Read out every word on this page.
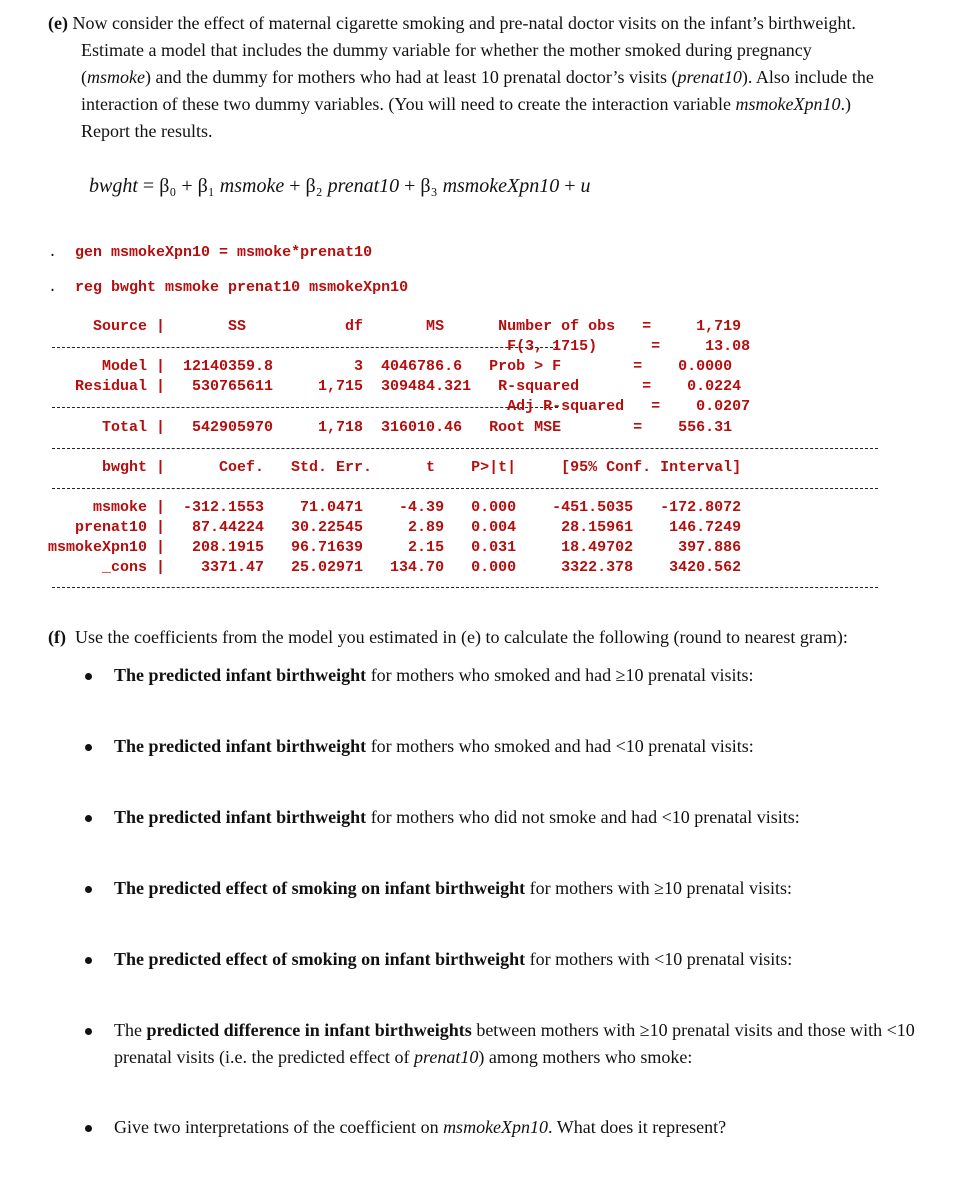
(e) Now consider the effect of maternal cigarette smoking and pre-natal doctor visits on the infant’s birthweight.
Estimate a model that includes the dummy variable for whether the mother smoked during pregnancy
(msmoke) and the dummy for mothers who had at least 10 prenatal doctor’s visits (prenat10). Also include the
interaction of these two dummy variables. (You will need to create the interaction variable msmokeXpn10.)
Report the results.
bwght = β₀ + β₁ msmoke + β₂ prenat10 + β₃ msmokeXpn10 + u
. gen msmokeXpn10 = msmoke*prenat10
. reg bwght msmoke prenat10 msmokeXpn10
Source |       SS           df       MS      Number of obs   =     1,719
F(3, 1715)      =     13.08
Model |  12140359.8         3  4046786.6   Prob > F        =    0.0000
Residual |   530765611     1,715  309484.321   R-squared       =    0.0224
Adj R-squared   =    0.0207
Total |   542905970     1,718  316010.46   Root MSE        =    556.31
bwght |      Coef.   Std. Err.      t    P>|t|     [95% Conf. Interval]
msmoke |  -312.1553    71.0471    -4.39   0.000    -451.5035   -172.8072
prenat10 |   87.44224   30.22545     2.89   0.004     28.15961    146.7249
msmokeXpn10 |   208.1915   96.71639     2.15   0.031     18.49702     397.886
_cons |    3371.47   25.02971   134.70   0.000     3322.378    3420.562
(f) Use the coefficients from the model you estimated in (e) to calculate the following (round to nearest gram):
The predicted infant birthweight for mothers who smoked and had ≥10 prenatal visits:
The predicted infant birthweight for mothers who smoked and had <10 prenatal visits:
The predicted infant birthweight for mothers who did not smoke and had <10 prenatal visits:
The predicted effect of smoking on infant birthweight for mothers with ≥10 prenatal visits:
The predicted effect of smoking on infant birthweight for mothers with <10 prenatal visits:
The predicted difference in infant birthweights between mothers with ≥10 prenatal visits and those with <10 prenatal visits (i.e. the predicted effect of prenat10) among mothers who smoke:
Give two interpretations of the coefficient on msmokeXpn10. What does it represent?
